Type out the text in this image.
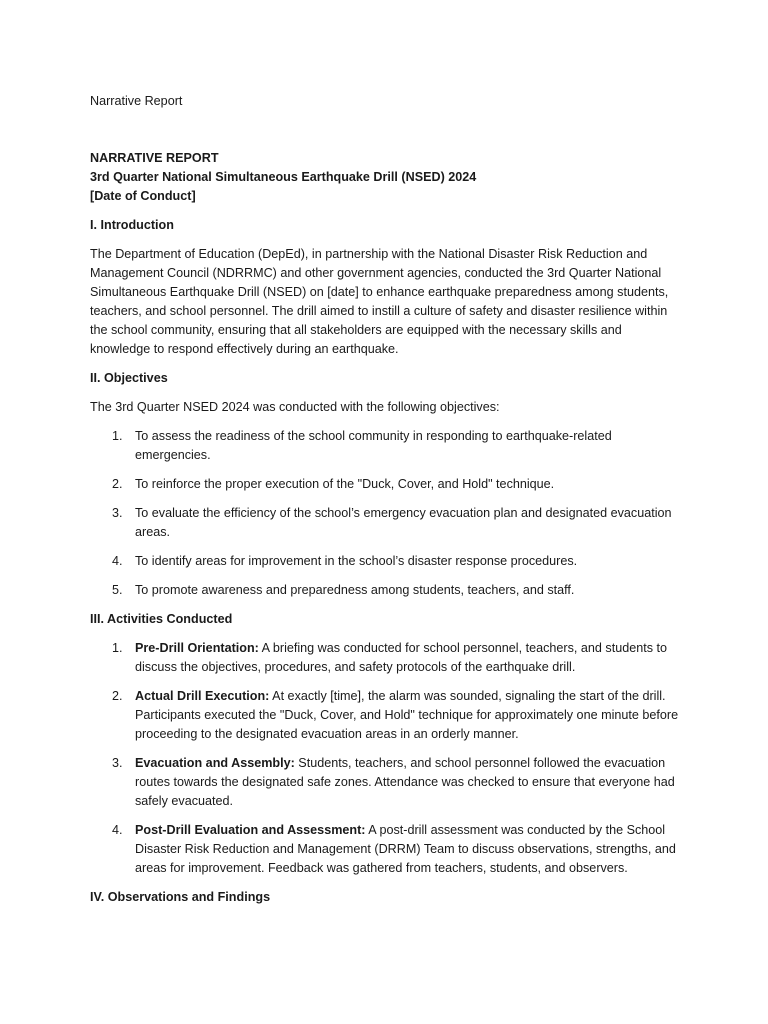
Narrative Report
NARRATIVE REPORT
3rd Quarter National Simultaneous Earthquake Drill (NSED) 2024
[Date of Conduct]
I. Introduction

The Department of Education (DepEd), in partnership with the National Disaster Risk Reduction and Management Council (NDRRMC) and other government agencies, conducted the 3rd Quarter National Simultaneous Earthquake Drill (NSED) on [date] to enhance earthquake preparedness among students, teachers, and school personnel. The drill aimed to instill a culture of safety and disaster resilience within the school community, ensuring that all stakeholders are equipped with the necessary skills and knowledge to respond effectively during an earthquake.

II. Objectives

The 3rd Quarter NSED 2024 was conducted with the following objectives:

1. To assess the readiness of the school community in responding to earthquake-related emergencies.
2. To reinforce the proper execution of the "Duck, Cover, and Hold" technique.
3. To evaluate the efficiency of the school’s emergency evacuation plan and designated evacuation areas.
4. To identify areas for improvement in the school’s disaster response procedures.
5. To promote awareness and preparedness among students, teachers, and staff.
III. Activities Conducted
1. Pre-Drill Orientation: A briefing was conducted for school personnel, teachers, and students to discuss the objectives, procedures, and safety protocols of the earthquake drill.
2. Actual Drill Execution: At exactly [time], the alarm was sounded, signaling the start of the drill. Participants executed the "Duck, Cover, and Hold" technique for approximately one minute before proceeding to the designated evacuation areas in an orderly manner.
3. Evacuation and Assembly: Students, teachers, and school personnel followed the evacuation routes towards the designated safe zones. Attendance was checked to ensure that everyone had safely evacuated.
4. Post-Drill Evaluation and Assessment: A post-drill assessment was conducted by the School Disaster Risk Reduction and Management (DRRM) Team to discuss observations, strengths, and areas for improvement. Feedback was gathered from teachers, students, and observers.
IV. Observations and Findings
